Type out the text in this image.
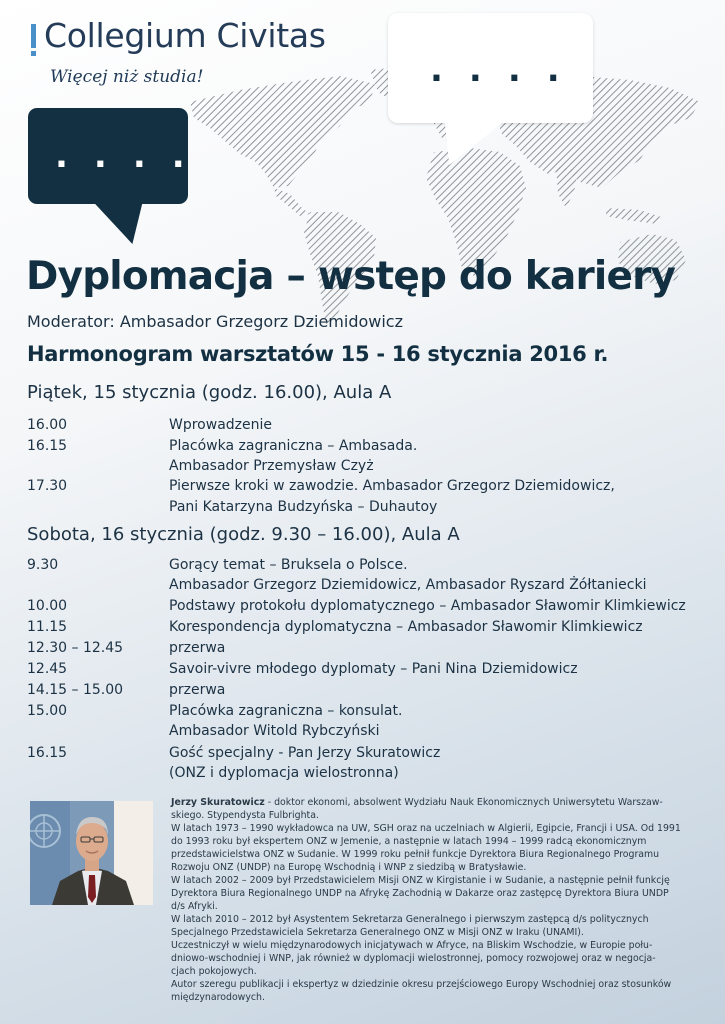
Collegium Civitas
Więcej niż studia!
....
....
Dyplomacja – wstęp do kariery
Moderator: Ambasador Grzegorz Dziemidowicz
Harmonogram warsztatów 15 - 16 stycznia 2016 r.
Piątek, 15 stycznia (godz. 16.00), Aula A
16.00	Wprowadzenie
16.15	Placówka zagraniczna – Ambasada.
Ambasador Przemysław Czyż
17.30	Pierwsze kroki w zawodzie. Ambasador Grzegorz Dziemidowicz,
Pani Katarzyna Budzyńska – Duhautoy
Sobota, 16 stycznia (godz. 9.30 – 16.00), Aula A
9.30	Gorący temat – Bruksela o Polsce.
Ambasador Grzegorz Dziemidowicz, Ambasador Ryszard Żółtaniecki
10.00	Podstawy protokołu dyplomatycznego – Ambasador Sławomir Klimkiewicz
11.15	Korespondencja dyplomatyczna – Ambasador Sławomir Klimkiewicz
12.30 – 12.45	przerwa
12.45	Savoir-vivre młodego dyplomaty – Pani Nina Dziemidowicz
14.15 – 15.00	przerwa
15.00	Placówka zagraniczna – konsulat.
Ambasador Witold Rybczyński
16.15	Gość specjalny - Pan Jerzy Skuratowicz
(ONZ i dyplomacja wielostronna)

Jerzy Skuratowicz - doktor ekonomi, absolwent Wydziału Nauk Ekonomicznych Uniwersytetu Warszaw-

skiego. Stypendysta Fulbrighta.

W latach 1973 – 1990 wykładowca na UW, SGH oraz na uczelniach w Algierii, Egipcie, Francji i USA. Od 1991

do 1993 roku był ekspertem ONZ w Jemenie, a następnie w latach 1994 – 1999 radcą ekonomicznym

przedstawicielstwa ONZ w Sudanie. W 1999 roku pełnił funkcje Dyrektora Biura Regionalnego Programu

Rozwoju ONZ (UNDP) na Europę Wschodnią i WNP z siedzibą w Bratysławie.

W latach 2002 – 2009 był Przedstawicielem Misji ONZ w Kirgistanie i w Sudanie, a następnie pełnił funkcję

Dyrektora Biura Regionalnego UNDP na Afrykę Zachodnią w Dakarze oraz zastępcę Dyrektora Biura UNDP

d/s Afryki.

W latach 2010 – 2012 był Asystentem Sekretarza Generalnego i pierwszym zastępcą d/s politycznych

Specjalnego Przedstawiciela Sekretarza Generalnego ONZ w Misji ONZ w Iraku (UNAMI).

Uczestniczył w wielu międzynarodowych inicjatywach w Afryce, na Bliskim Wschodzie, w Europie połu-

dniowo-wschodniej i WNP, jak również w dyplomacji wielostronnej, pomocy rozwojowej oraz w negocja-

cjach pokojowych.

Autor szeregu publikacji i ekspertyz w dziedzinie okresu przejściowego Europy Wschodniej oraz stosunków

międzynarodowych.
